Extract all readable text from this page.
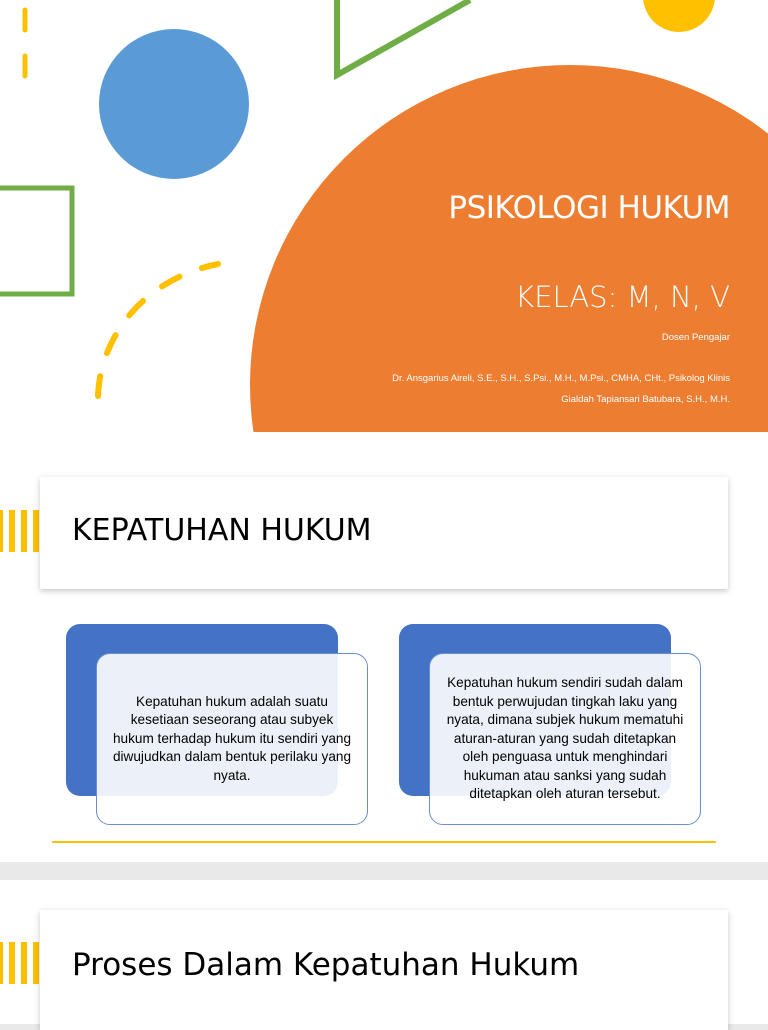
PSIKOLOGI HUKUM
KELAS: M, N, V
Dosen Pengajar
Dr. Ansgarius Aireli, S.E., S.H., S.Psi., M.H., M.Psi., CMHA, CHt., Psikolog Klinis
Gialdah Tapiansari Batubara, S.H., M.H.
KEPATUHAN HUKUM
Kepatuhan hukum adalah suatu kesetiaan seseorang atau subyek hukum terhadap hukum itu sendiri yang diwujudkan dalam bentuk perilaku yang nyata.
Kepatuhan hukum sendiri sudah dalam bentuk perwujudan tingkah laku yang nyata, dimana subjek hukum mematuhi aturan-aturan yang sudah ditetapkan oleh penguasa untuk menghindari hukuman atau sanksi yang sudah ditetapkan oleh aturan tersebut.
Proses Dalam Kepatuhan Hukum
